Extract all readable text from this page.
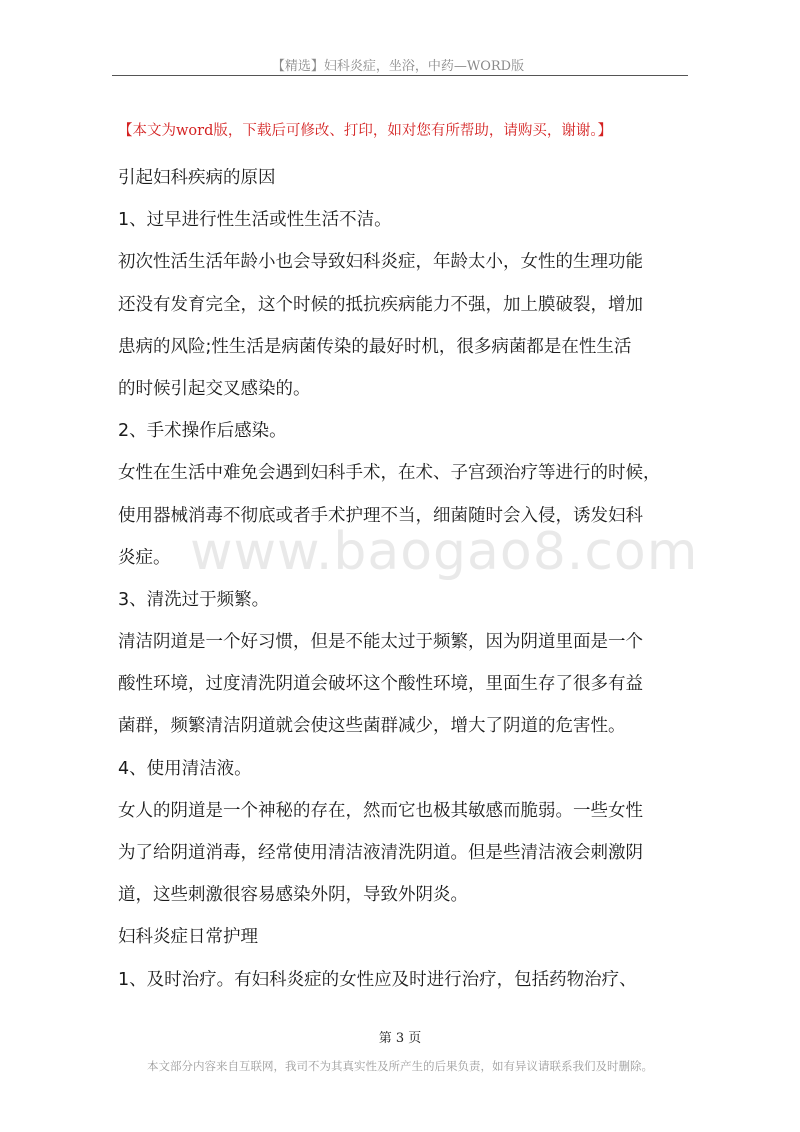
【精选】妇科炎症，坐浴，中药—WORD版
【本文为word版，下载后可修改、打印，如对您有所帮助，请购买，谢谢。】
www.baogao8.com
引起妇科疾病的原因
1、过早进行性生活或性生活不洁。
初次性活生活年龄小也会导致妇科炎症，年龄太小，女性的生理功能
还没有发育完全，这个时候的抵抗疾病能力不强，加上膜破裂，增加
患病的风险;性生活是病菌传染的最好时机，很多病菌都是在性生活
的时候引起交叉感染的。
2、手术操作后感染。
女性在生活中难免会遇到妇科手术，在术、子宫颈治疗等进行的时候，
使用器械消毒不彻底或者手术护理不当，细菌随时会入侵，诱发妇科
炎症。
3、清洗过于频繁。
清洁阴道是一个好习惯，但是不能太过于频繁，因为阴道里面是一个
酸性环境，过度清洗阴道会破坏这个酸性环境，里面生存了很多有益
菌群，频繁清洁阴道就会使这些菌群减少，增大了阴道的危害性。
4、使用清洁液。
女人的阴道是一个神秘的存在，然而它也极其敏感而脆弱。一些女性
为了给阴道消毒，经常使用清洁液清洗阴道。但是些清洁液会刺激阴
道，这些刺激很容易感染外阴，导致外阴炎。
妇科炎症日常护理
1、及时治疗。有妇科炎症的女性应及时进行治疗，包括药物治疗、
第 3 页
本文部分内容来自互联网，我司不为其真实性及所产生的后果负责，如有异议请联系我们及时删除。
